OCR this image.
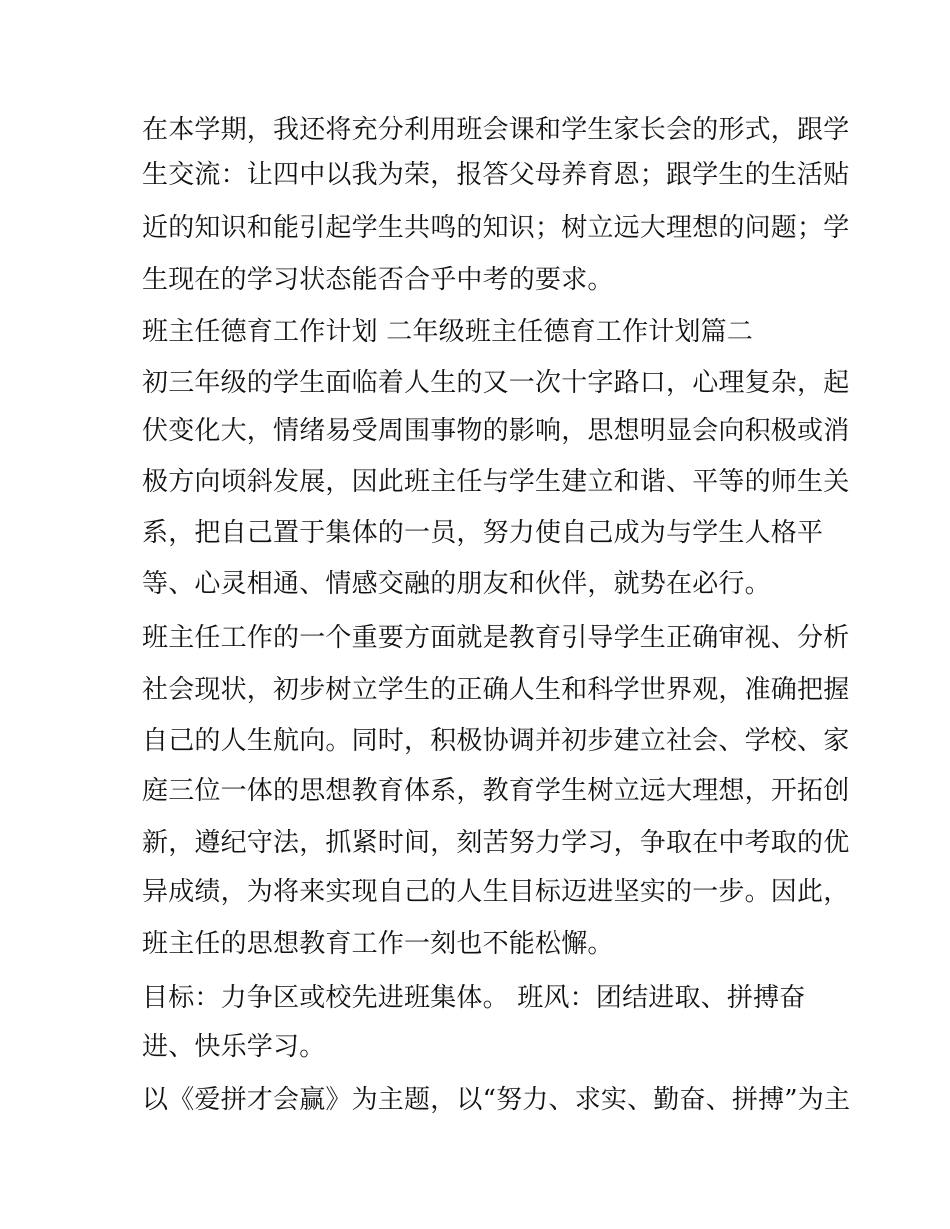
在本学期，我还将充分利用班会课和学生家长会的形式，跟学
生交流：让四中以我为荣，报答父母养育恩；跟学生的生活贴
近的知识和能引起学生共鸣的知识；树立远大理想的问题；学
生现在的学习状态能否合乎中考的要求。
班主任德育工作计划 二年级班主任德育工作计划篇二
初三年级的学生面临着人生的又一次十字路口，心理复杂，起
伏变化大，情绪易受周围事物的影响，思想明显会向积极或消
极方向顷斜发展，因此班主任与学生建立和谐、平等的师生关
系，把自己置于集体的一员，努力使自己成为与学生人格平
等、心灵相通、情感交融的朋友和伙伴，就势在必行。
班主任工作的一个重要方面就是教育引导学生正确审视、分析
社会现状，初步树立学生的正确人生和科学世界观，准确把握
自己的人生航向。同时，积极协调并初步建立社会、学校、家
庭三位一体的思想教育体系，教育学生树立远大理想，开拓创
新，遵纪守法，抓紧时间，刻苦努力学习，争取在中考取的优
异成绩，为将来实现自己的人生目标迈进坚实的一步。因此，
班主任的思想教育工作一刻也不能松懈。
目标：力争区或校先进班集体。 班风：团结进取、拼搏奋
进、快乐学习。
以《爱拼才会赢》为主题，以“努力、求实、勤奋、拼搏”为主
